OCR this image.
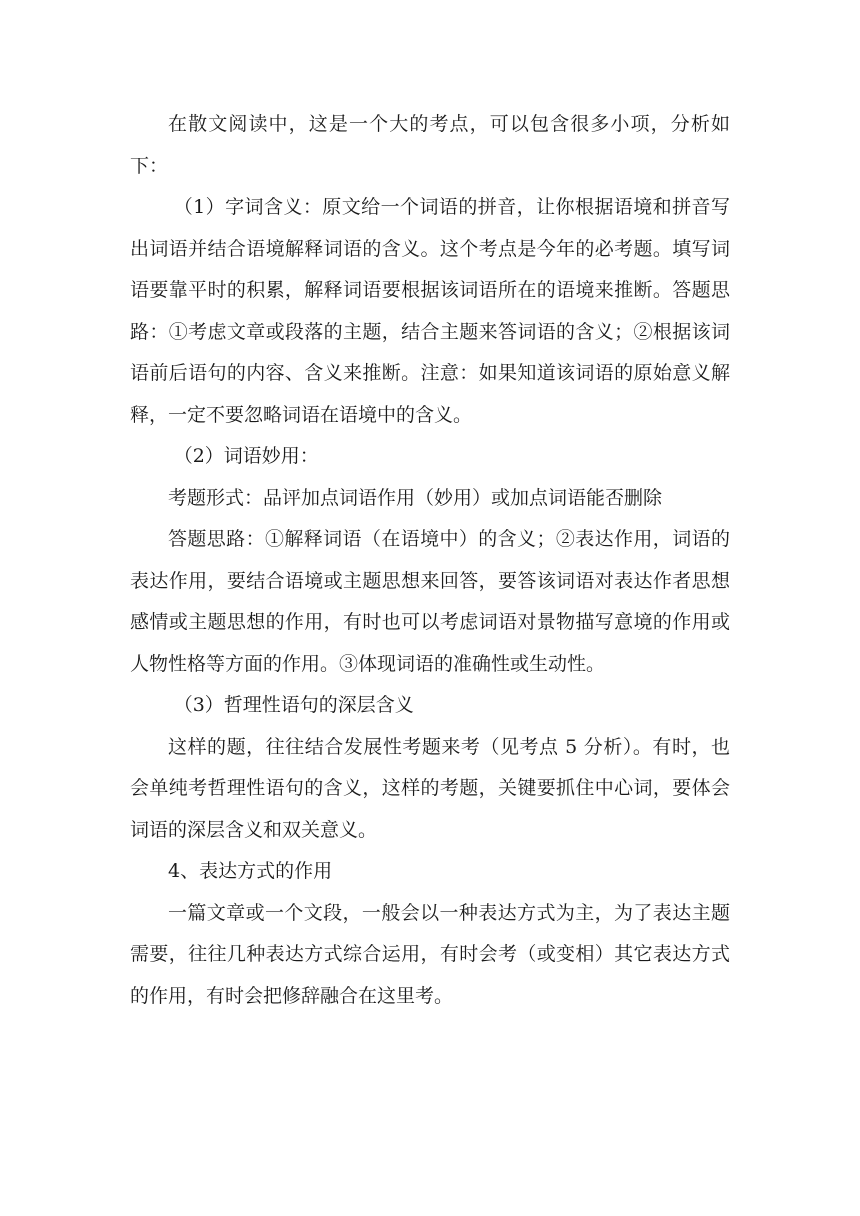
在散文阅读中，这是一个大的考点，可以包含很多小项，分析如下：

（1）字词含义：原文给一个词语的拼音，让你根据语境和拼音写出词语并结合语境解释词语的含义。这个考点是今年的必考题。填写词语要靠平时的积累，解释词语要根据该词语所在的语境来推断。答题思路：①考虑文章或段落的主题，结合主题来答词语的含义；②根据该词语前后语句的内容、含义来推断。注意：如果知道该词语的原始意义解释，一定不要忽略词语在语境中的含义。

（2）词语妙用：

考题形式：品评加点词语作用（妙用）或加点词语能否删除

答题思路：①解释词语（在语境中）的含义；②表达作用，词语的表达作用，要结合语境或主题思想来回答，要答该词语对表达作者思想感情或主题思想的作用，有时也可以考虑词语对景物描写意境的作用或人物性格等方面的作用。③体现词语的准确性或生动性。

（3）哲理性语句的深层含义

这样的题，往往结合发展性考题来考（见考点 5 分析）。有时，也会单纯考哲理性语句的含义，这样的考题，关键要抓住中心词，要体会词语的深层含义和双关意义。

4、表达方式的作用

一篇文章或一个文段，一般会以一种表达方式为主，为了表达主题需要，往往几种表达方式综合运用，有时会考（或变相）其它表达方式的作用，有时会把修辞融合在这里考。
